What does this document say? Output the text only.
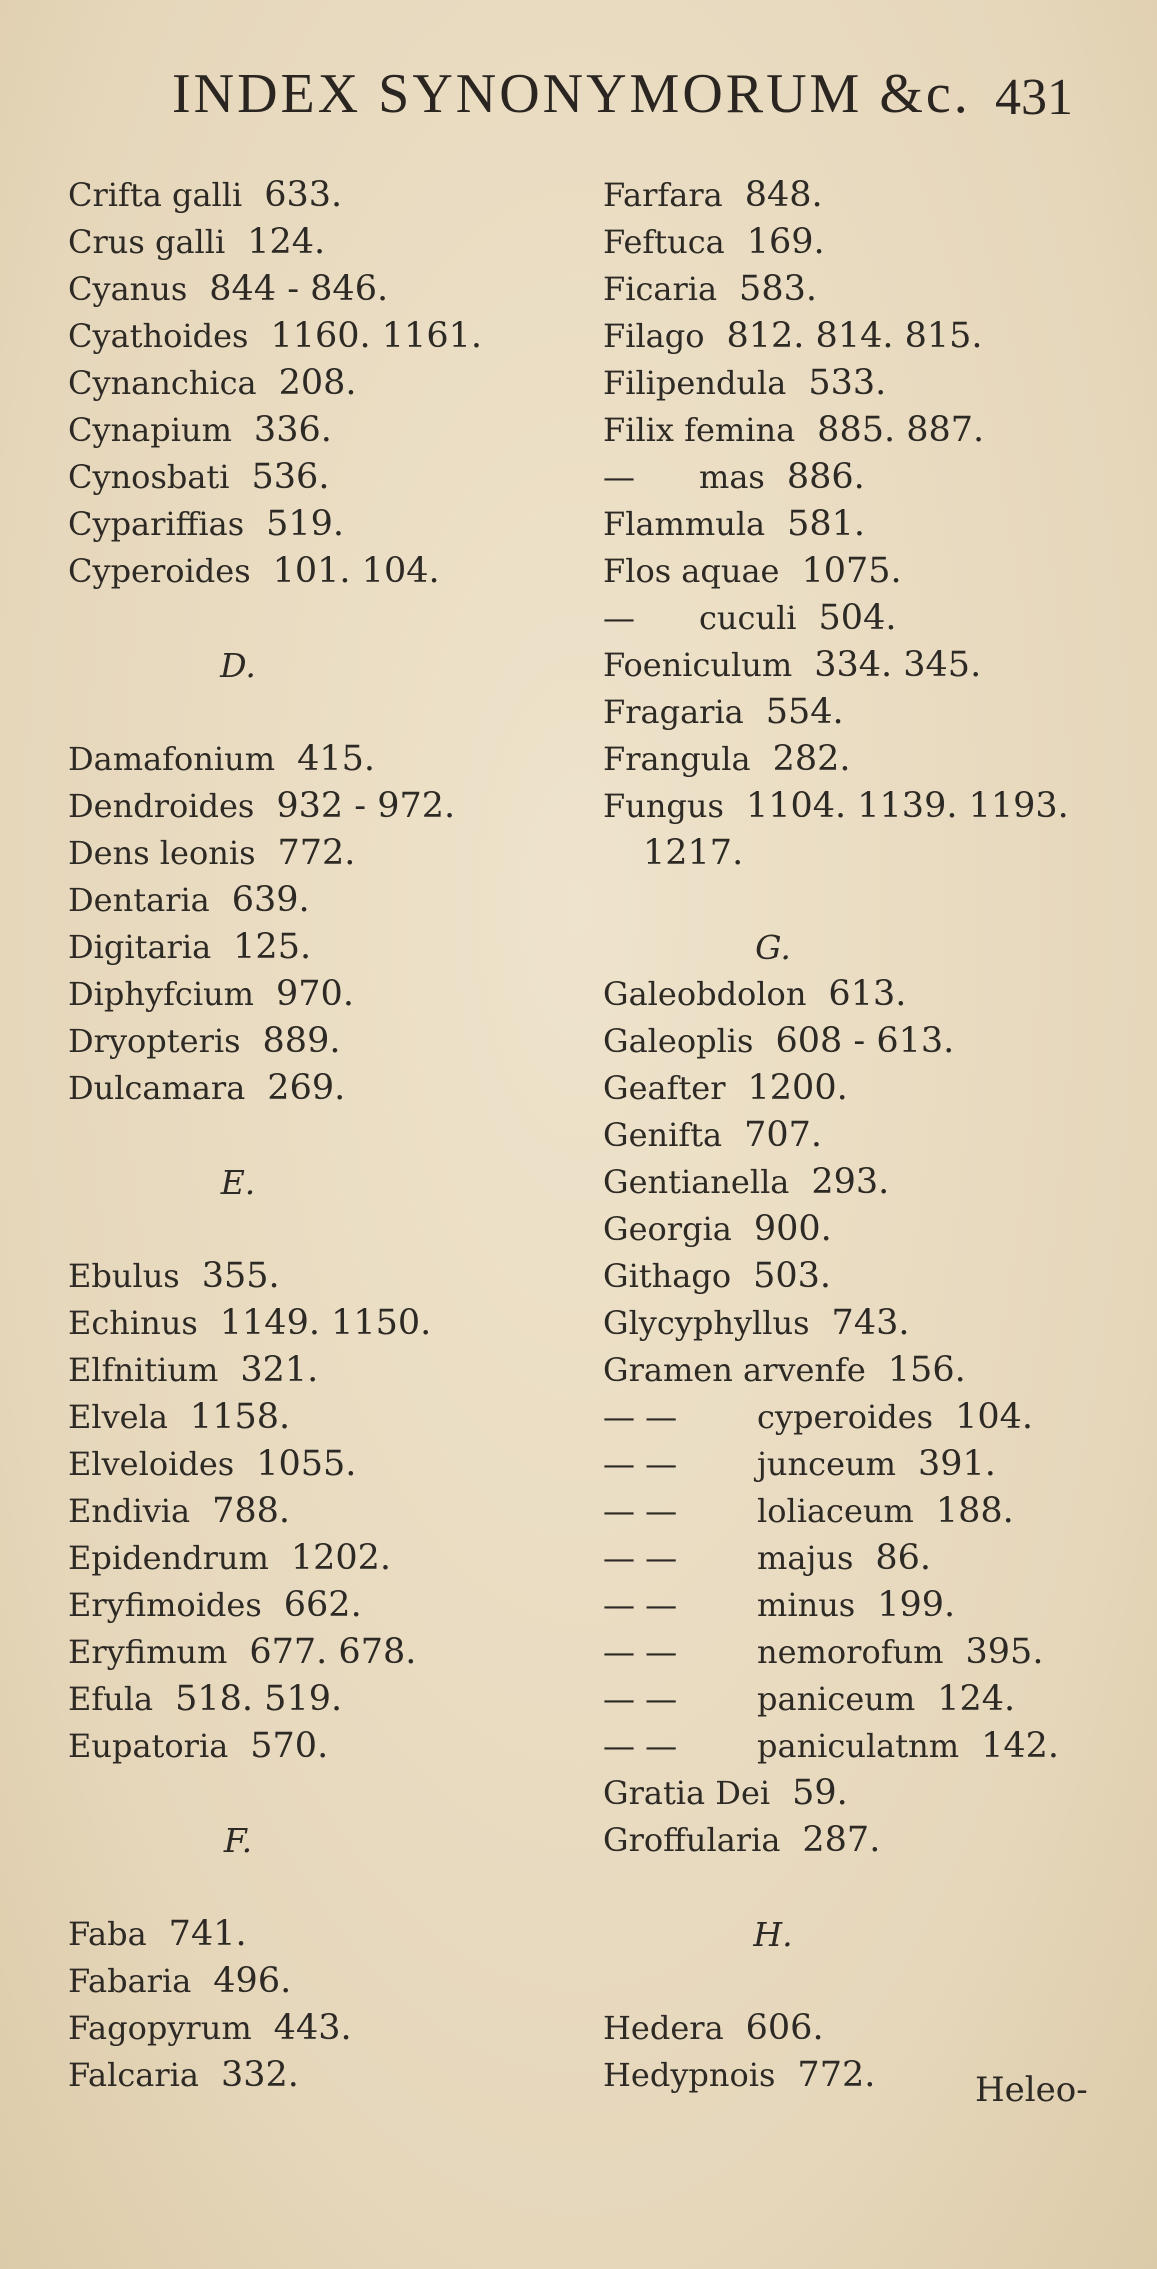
INDEX SYNONYMORUM &c. 431
Crifta galli 633.
Crus galli 124.
Cyanus 844 - 846.
Cyathoides 1160. 1161.
Cynanchica 208.
Cynapium 336.
Cynosbati 536.
Cypariffias 519.
Cyperoides 101. 104.
D.
Damafonium 415.
Dendroides 932 - 972.
Dens leonis 772.
Dentaria 639.
Digitaria 125.
Diphyfcium 970.
Dryopteris 889.
Dulcamara 269.
E.
Ebulus 355.
Echinus 1149. 1150.
Elfnitium 321.
Elvela 1158.
Elveloides 1055.
Endivia 788.
Epidendrum 1202.
Eryfimoides 662.
Eryfimum 677. 678.
Efula 518. 519.
Eupatoria 570.
F.
Faba 741.
Fabaria 496.
Fagopyrum 443.
Falcaria 332.
Farfara 848.
Feftuca 169.
Ficaria 583.
Filago 812. 814. 815.
Filipendula 533.
Filix femina 885. 887.
— mas 886.
Flammula 581.
Flos aquae 1075.
— cuculi 504.
Foeniculum 334. 345.
Fragaria 554.
Frangula 282.
Fungus 1104. 1139. 1193.
1217.
G.
Galeobdolon 613.
Galeoplis 608 - 613.
Geafter 1200.
Genifta 707.
Gentianella 293.
Georgia 900.
Githago 503.
Glycyphyllus 743.
Gramen arvenfe 156.
— — cyperoides 104.
— — junceum 391.
— — loliaceum 188.
— — majus 86.
— — minus 199.
— — nemorofum 395.
— — paniceum 124.
— — paniculatnm 142.
Gratia Dei 59.
Groffularia 287.
H.
Hedera 606.
Hedypnois 772.	Heleo-
